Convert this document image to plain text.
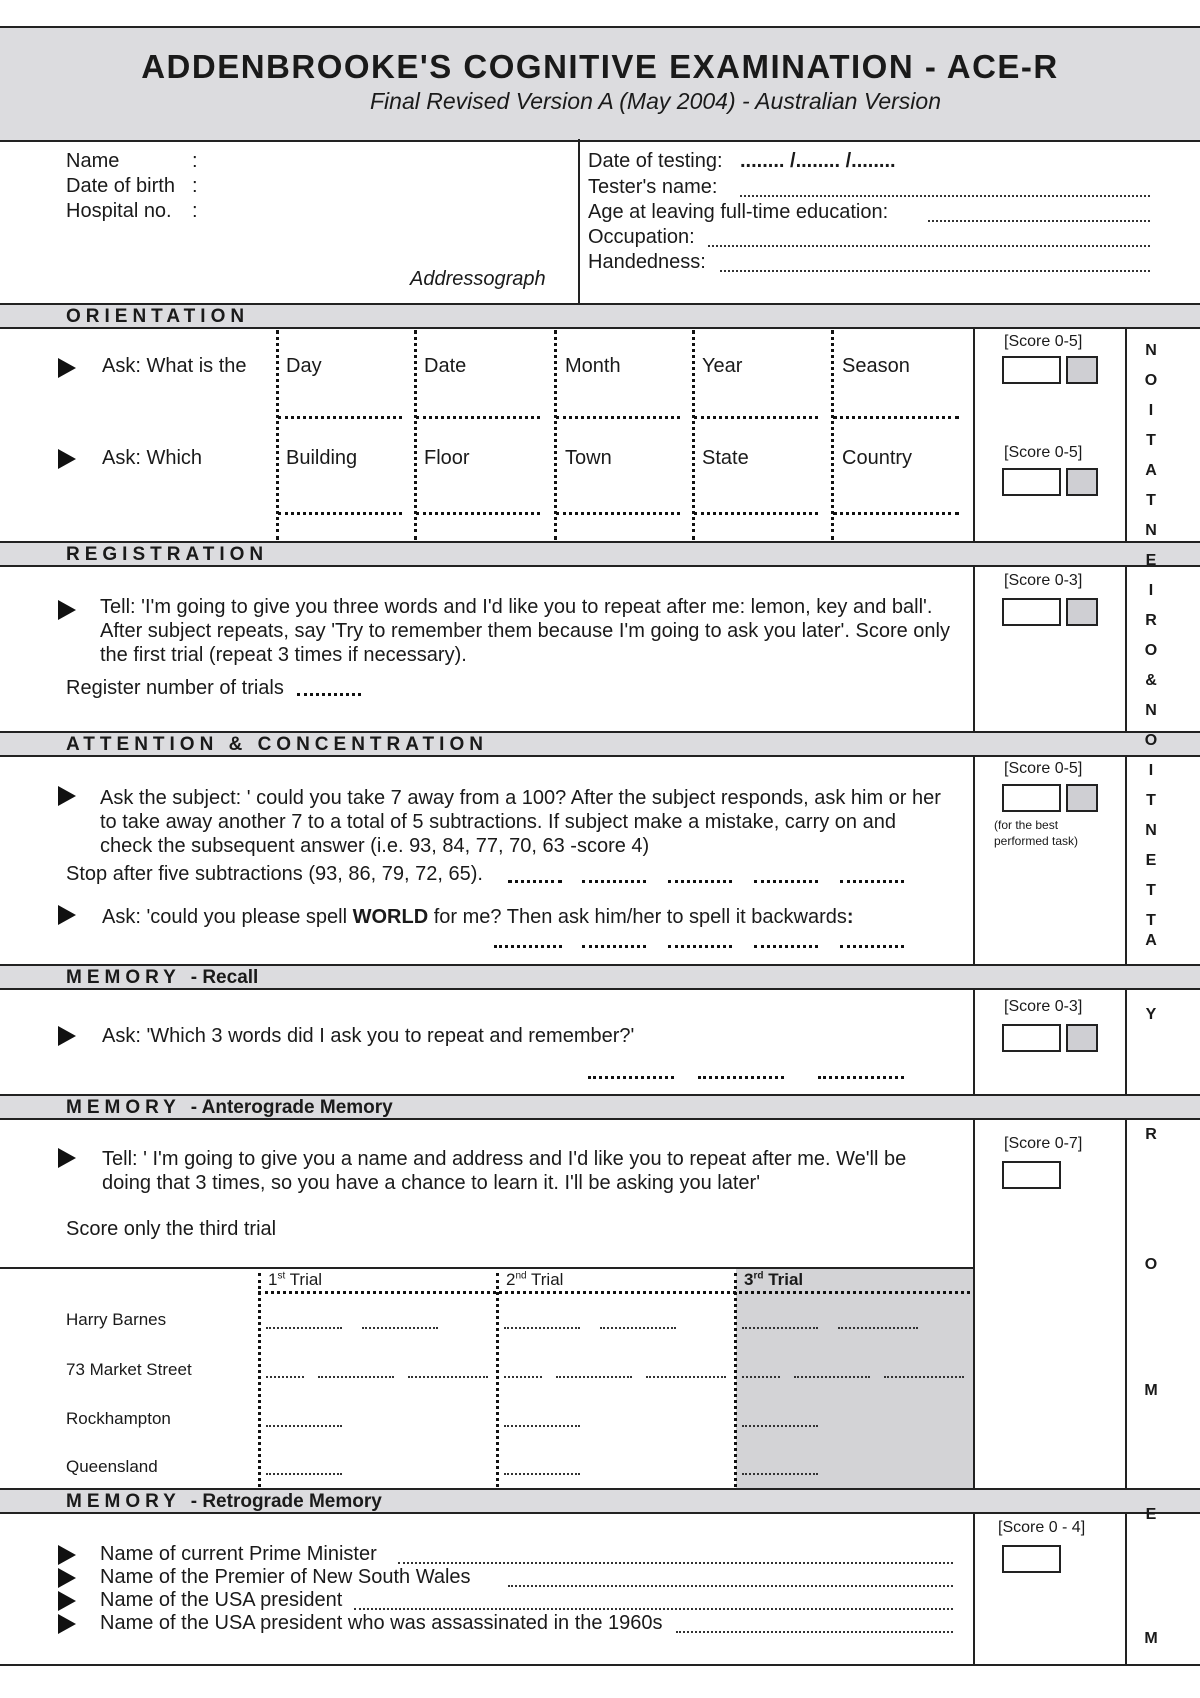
ADDENBROOKE'S COGNITIVE EXAMINATION - ACE-R
Final Revised Version A (May 2004) - Australian Version
Name	:
Date of birth :
Hospital no. :
Addressograph
Date of testing: ........ /........ /........
Tester's name:
Age at leaving full-time education:
Occupation:
Handedness:
ORIENTATION
Ask: What is the
Ask: Which
Day	Date	Month	Year	Season
Building	Floor	Town	State	Country
[Score 0-5]
[Score 0-5]
REGISTRATION
Tell: 'I'm going to give you three words and I'd like you to repeat after me: lemon, key and ball'.
After subject repeats, say 'Try to remember them because I'm going to ask you later'. Score only
the first trial (repeat 3 times if necessary).
Register number of trials
[Score 0-3]
ATTENTION & CONCENTRATION
Ask the subject: ' could you take 7 away from a 100? After the subject responds, ask him or her
to take away another 7 to a total of 5 subtractions. If subject make a mistake, carry on and
check the subsequent answer (i.e. 93, 84, 77, 70, 63 -score 4)
Stop after five subtractions (93, 86, 79, 72, 65).
Ask: 'could you please spell WORLD for me? Then ask him/her to spell it backwards:
[Score 0-5]
(for the best
performed task)
MEMORY - Recall
Ask: 'Which 3 words did I ask you to repeat and remember?'
[Score 0-3]
MEMORY - Anterograde Memory
Tell: ' I'm going to give you a name and address and I'd like you to repeat after me. We'll be
doing that 3 times, so you have a chance to learn it. I'll be asking you later'
Score only the third trial
[Score 0-7]
1st Trial	2nd Trial	3rd Trial
Harry Barnes
73 Market Street
Rockhampton
Queensland
MEMORY - Retrograde Memory
Name of current Prime Minister
Name of the Premier of New South Wales
Name of the USA president
Name of the USA president who was assassinated in the 1960s
[Score 0 - 4]
N
O
I
T
A
T
N
E
I
R
O
&
N
O
I
T
N
E
T
T
A
Y
R
O
M
E
M
